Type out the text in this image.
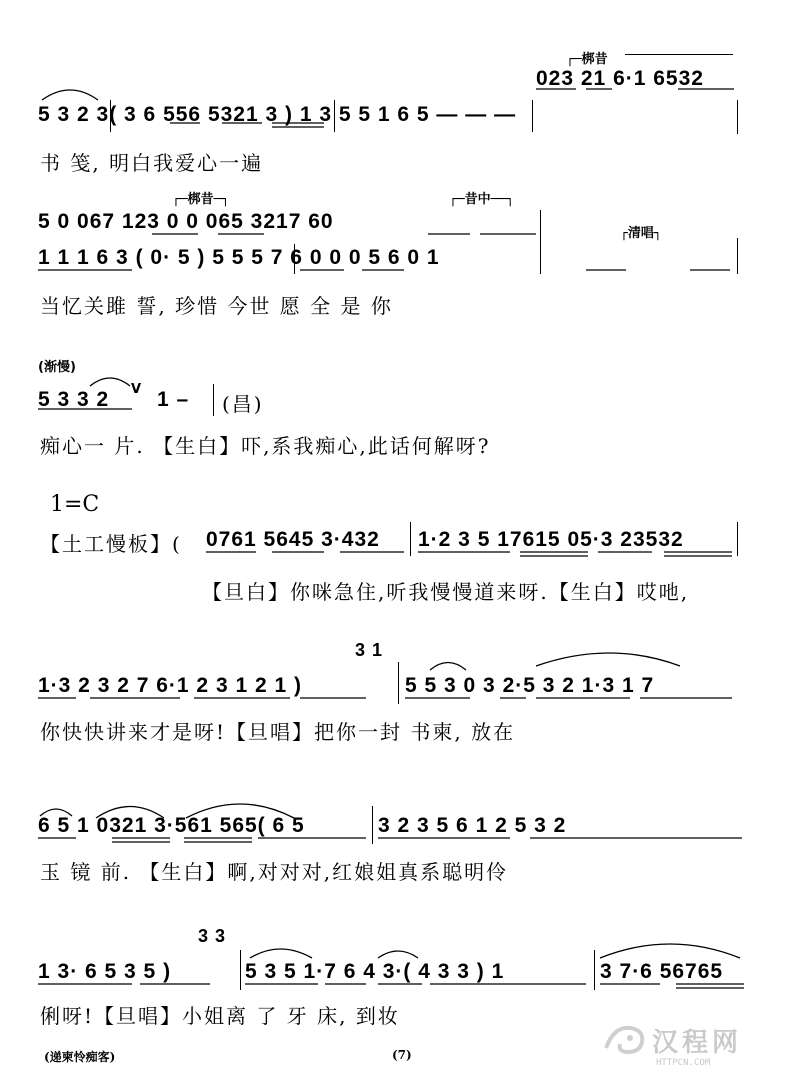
┌─梆昔
023 21 6·1 6532
5 3 2 3( 3 6 556 5321 3 ) 1 3 5 5 1 6 5 — — —
书 笺, 明白我爱心一遍
┌─梆昔─┐	┌─昔中──┐
┌清唱┐
5 0 067 123 0 0 065 3217 60
1 1 1 6 3 ( 0· 5 ) 5 5 5 7 6 0 0 0 5 6 0 1
当忆关雎 誓, 珍惜 今世 愿 全 是 你
(渐慢)
5 3 3 2 V 1 – (昌)
痴心一 片. 【生白】吓,系我痴心,此话何解呀?
1=C
【土工慢板】( 0761 5645 3·432 1·2 3 5 17615 05·3 23532
【旦白】你咪急住,听我慢慢道来呀.【生白】哎吔,
3 1
1·3 2 3 2 7 6·1 2 3 1 2 1 )	5 5 3 0 3 2·5 3 2 1·3 1 7
你快快讲来才是呀!【旦唱】把你一封 书柬, 放在
6 5 1 0321 3·561 565( 6 5	3 2 3 5 6 1 2 5 3 2
玉 镜 前. 【生白】啊,对对对,红娘姐真系聪明伶
3 3
1 3· 6 5 3 5 )	5 3 5 1·7 6 4 3·( 4 3 3 ) 1	3 7·6 56765
俐呀!【旦唱】小姐离 了 牙 床, 到妆
(递柬怜痴客)	(7)	汉程网
HTTPCN.COM
